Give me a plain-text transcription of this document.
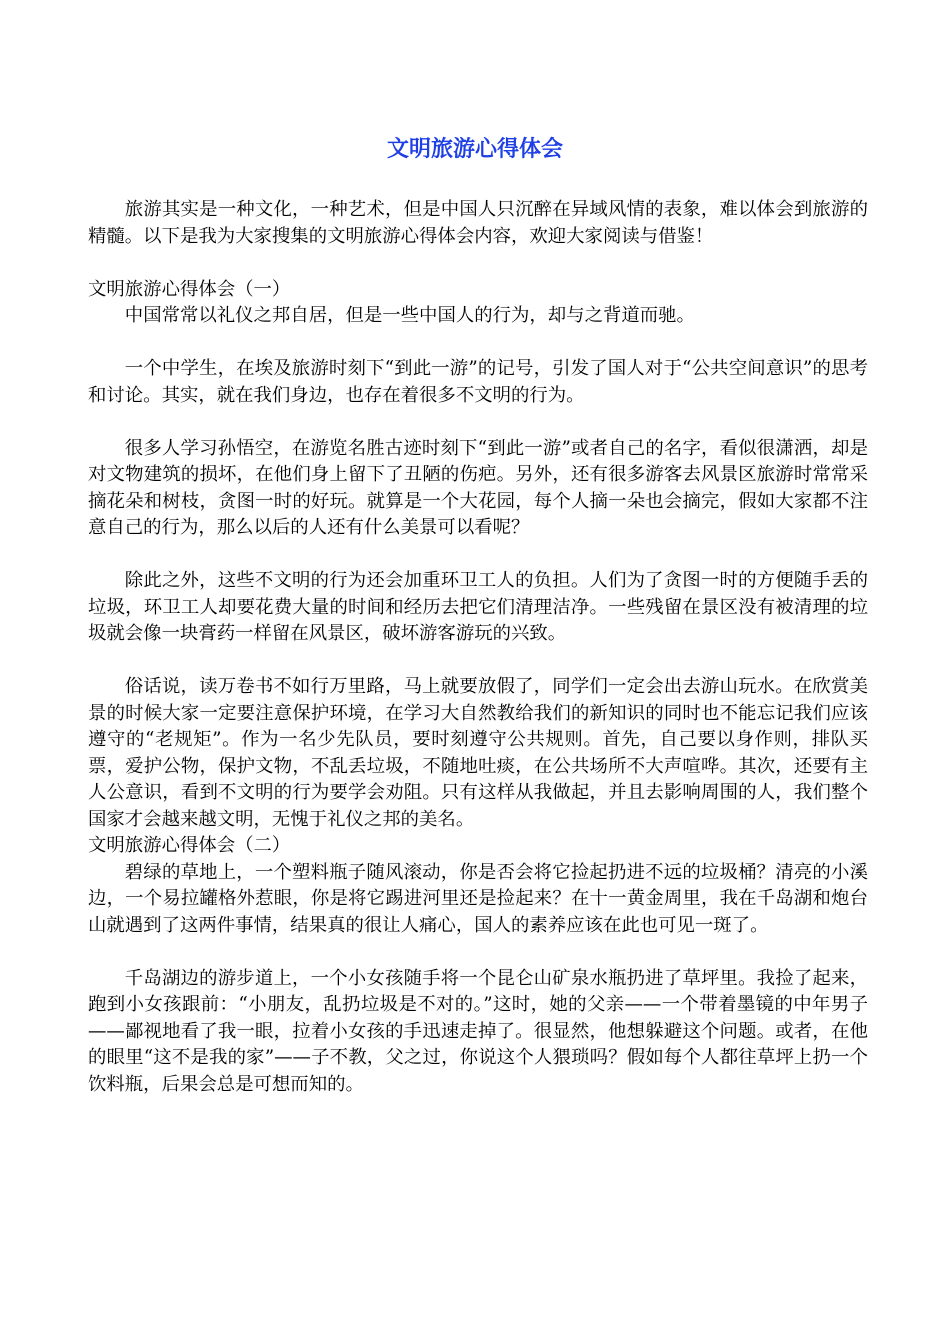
文明旅游心得体会

旅游其实是一种文化，一种艺术，但是中国人只沉醉在异域风情的表象，难以体会到旅游的精髓。以下是我为大家搜集的文明旅游心得体会内容，欢迎大家阅读与借鉴！

文明旅游心得体会（一）

中国常常以礼仪之邦自居，但是一些中国人的行为，却与之背道而驰。

一个中学生，在埃及旅游时刻下“到此一游”的记号，引发了国人对于“公共空间意识”的思考和讨论。其实，就在我们身边，也存在着很多不文明的行为。

很多人学习孙悟空，在游览名胜古迹时刻下“到此一游”或者自己的名字，看似很潇洒，却是对文物建筑的损坏，在他们身上留下了丑陋的伤疤。另外，还有很多游客去风景区旅游时常常采摘花朵和树枝，贪图一时的好玩。就算是一个大花园，每个人摘一朵也会摘完，假如大家都不注意自己的行为，那么以后的人还有什么美景可以看呢？

除此之外，这些不文明的行为还会加重环卫工人的负担。人们为了贪图一时的方便随手丢的垃圾，环卫工人却要花费大量的时间和经历去把它们清理洁净。一些残留在景区没有被清理的垃圾就会像一块膏药一样留在风景区，破坏游客游玩的兴致。

俗话说，读万卷书不如行万里路，马上就要放假了，同学们一定会出去游山玩水。在欣赏美景的时候大家一定要注意保护环境，在学习大自然教给我们的新知识的同时也不能忘记我们应该遵守的“老规矩”。作为一名少先队员，要时刻遵守公共规则。首先，自己要以身作则，排队买票，爱护公物，保护文物，不乱丢垃圾，不随地吐痰，在公共场所不大声喧哗。其次，还要有主人公意识，看到不文明的行为要学会劝阻。只有这样从我做起，并且去影响周围的人，我们整个国家才会越来越文明，无愧于礼仪之邦的美名。

文明旅游心得体会（二）

碧绿的草地上，一个塑料瓶子随风滚动，你是否会将它捡起扔进不远的垃圾桶？清亮的小溪边，一个易拉罐格外惹眼，你是将它踢进河里还是捡起来？在十一黄金周里，我在千岛湖和炮台山就遇到了这两件事情，结果真的很让人痛心，国人的素养应该在此也可见一斑了。

千岛湖边的游步道上，一个小女孩随手将一个昆仑山矿泉水瓶扔进了草坪里。我捡了起来，跑到小女孩跟前：“小朋友，乱扔垃圾是不对的。”这时，她的父亲——一个带着墨镜的中年男子——鄙视地看了我一眼，拉着小女孩的手迅速走掉了。很显然，他想躲避这个问题。或者，在他的眼里“这不是我的家”——子不教，父之过，你说这个人猥琐吗？假如每个人都往草坪上扔一个饮料瓶，后果会总是可想而知的。
